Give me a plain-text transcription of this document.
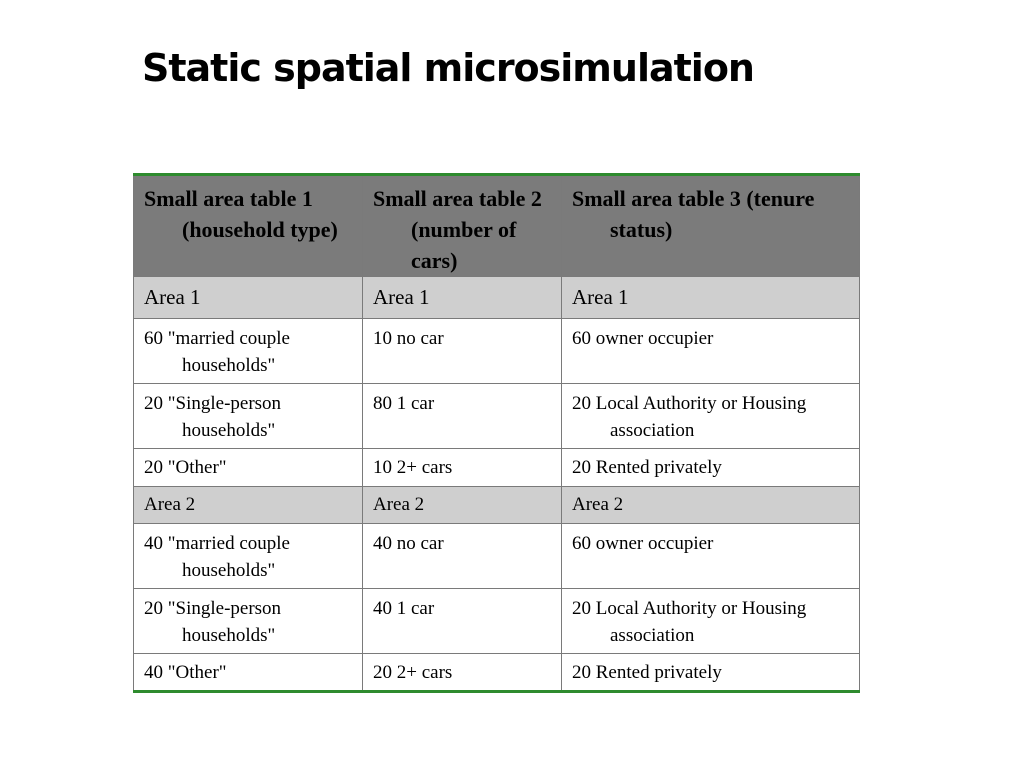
Static spatial microsimulation
Small area table 1 (household type)	Small area table 2 (number of cars)	Small area table 3 (tenure status)

Area 1	Area 1	Area 1

60 "married couple households"	10 no car	60 owner occupier

20 "Single-person households"	80 1 car	20 Local Authority or Housing association

20 "Other"	10 2+ cars	20 Rented privately

Area 2	Area 2	Area 2

40 "married couple households"	40 no car	60 owner occupier

20 "Single-person households"	40 1 car	20 Local Authority or Housing association

40 "Other"	20 2+ cars	20 Rented privately
